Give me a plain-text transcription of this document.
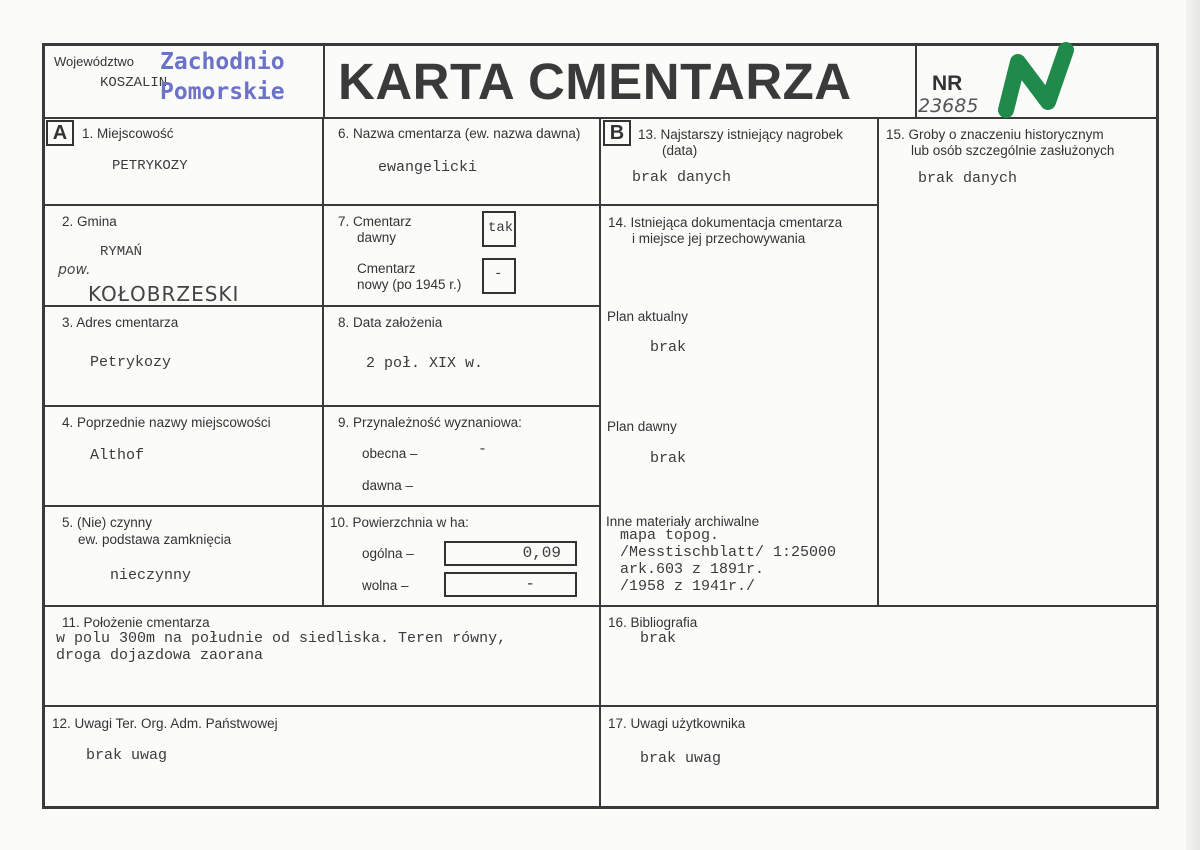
Województwo
KOSZALIN
Zachodnio
Pomorskie KARTA CMENTARZA	NR
23685
A	B
1. Miejscowość
PETRYKOZY
2. Gmina
RYMAŃ
pow.
KOŁOBRZESKI
3. Adres cmentarza
Petrykozy
4. Poprzednie nazwy miejscowości
Althof
5. (Nie) czynny
ew. podstawa zamknięcia
nieczynny
6. Nazwa cmentarza (ew. nazwa dawna)
ewangelicki
7. Cmentarz
dawny
tak
Cmentarz
nowy (po 1945 r.)
-
8. Data założenia
2 poł. XIX w.
9. Przynależność wyznaniowa:
obecna –	-
dawna –
10. Powierzchnia w ha:
ogólna –	0,09
wolna –	-
11. Położenie cmentarza
w polu 300m na południe od siedliska. Teren równy,
droga dojazdowa zaorana
12. Uwagi Ter. Org. Adm. Państwowej
brak uwag
13. Najstarszy istniejący nagrobek
(data)
brak danych
14. Istniejąca dokumentacja cmentarza
i miejsce jej przechowywania
Plan aktualny
brak
Plan dawny
brak
Inne materiały archiwalne
mapa topog.
/Messtischblatt/ 1:25000
ark.603 z 1891r.
/1958 z 1941r./
15. Groby o znaczeniu historycznym
lub osób szczególnie zasłużonych
brak danych
16. Bibliografia
brak
17. Uwagi użytkownika
brak uwag
